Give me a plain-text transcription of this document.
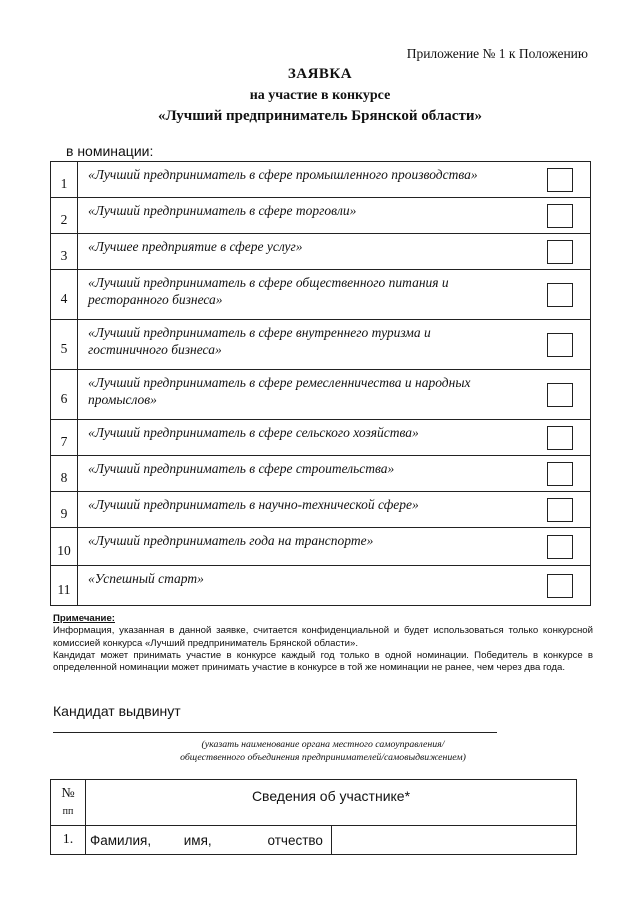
Приложение № 1 к Положению
ЗАЯВКА
на участие в конкурсе
«Лучший предприниматель Брянской области»
в номинации:
1	«Лучший предприниматель в сфере промышленного производства»

2	«Лучший предприниматель в сфере торговли»

3	«Лучшее предприятие в сфере услуг»

4	«Лучший предприниматель в сфере общественного питания и ресторанного бизнеса»

5	«Лучший предприниматель в сфере внутреннего туризма и гостиничного бизнеса»

6	«Лучший предприниматель в сфере ремесленничества и народных промыслов»

7	«Лучший предприниматель в сфере сельского хозяйства»

8	«Лучший предприниматель в сфере строительства»

9	«Лучший предприниматель в научно-технической сфере»

10	«Лучший предприниматель года на транспорте»

11	«Успешный старт»
Примечание:

Информация, указанная в данной заявке, считается конфиденциальной и будет использоваться только конкурсной комиссией конкурса «Лучший предприниматель Брянской области».

Кандидат может принимать участие в конкурсе каждый год только в одной номинации. Победитель в конкурсе в определенной номинации может принимать участие в конкурсе в той же номинации не ранее, чем через два года.

Кандидат выдвинут
(указать наименование органа местного самоуправления/
общественного объединения предпринимателей/самовыдвижением)
№
пп	Сведения об участнике*	
1.	Фамилия, имя, отчество	
